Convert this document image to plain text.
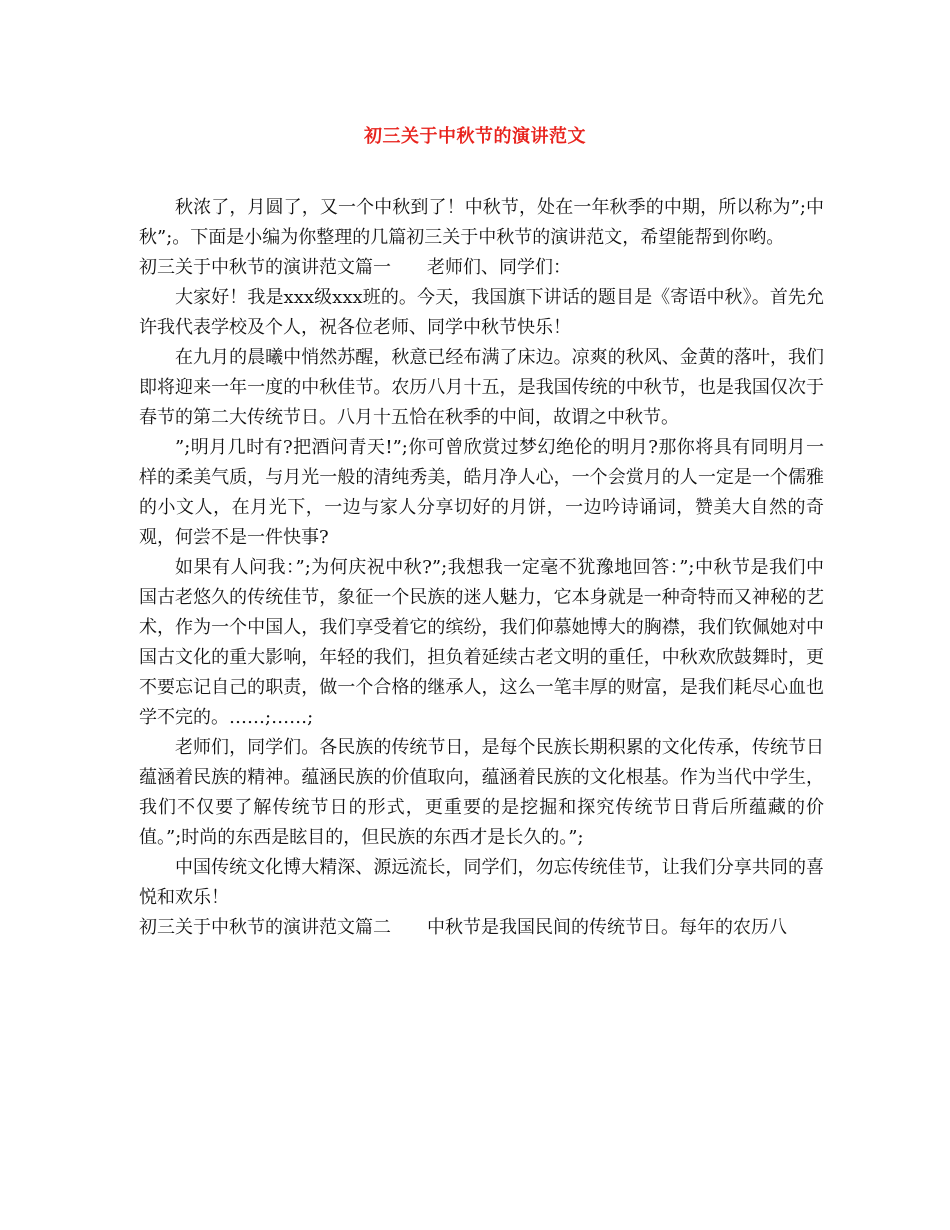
初三关于中秋节的演讲范文

秋浓了，月圆了，又一个中秋到了！中秋节，处在一年秋季的中期，所以称为”;中秋”;。下面是小编为你整理的几篇初三关于中秋节的演讲范文，希望能帮到你哟。

初三关于中秋节的演讲范文篇一 老师们、同学们：

大家好！我是xxx级xxx班的。今天，我国旗下讲话的题目是《寄语中秋》。首先允许我代表学校及个人，祝各位老师、同学中秋节快乐！

在九月的晨曦中悄然苏醒，秋意已经布满了床边。凉爽的秋风、金黄的落叶，我们即将迎来一年一度的中秋佳节。农历八月十五，是我国传统的中秋节，也是我国仅次于春节的第二大传统节日。八月十五恰在秋季的中间，故谓之中秋节。

”;明月几时有?把酒问青天!”;你可曾欣赏过梦幻绝伦的明月?那你将具有同明月一样的柔美气质，与月光一般的清纯秀美，皓月净人心，一个会赏月的人一定是一个儒雅的小文人，在月光下，一边与家人分享切好的月饼，一边吟诗诵词，赞美大自然的奇观，何尝不是一件快事?

如果有人问我：”;为何庆祝中秋?”;我想我一定毫不犹豫地回答：”;中秋节是我们中国古老悠久的传统佳节，象征一个民族的迷人魅力，它本身就是一种奇特而又神秘的艺术，作为一个中国人，我们享受着它的缤纷，我们仰慕她博大的胸襟，我们钦佩她对中国古文化的重大影响，年轻的我们，担负着延续古老文明的重任，中秋欢欣鼓舞时，更不要忘记自己的职责，做一个合格的继承人，这么一笔丰厚的财富，是我们耗尽心血也学不完的。……;……;

老师们，同学们。各民族的传统节日，是每个民族长期积累的文化传承，传统节日蕴涵着民族的精神。蕴涵民族的价值取向，蕴涵着民族的文化根基。作为当代中学生，我们不仅要了解传统节日的形式，更重要的是挖掘和探究传统节日背后所蕴藏的价值。”;时尚的东西是眩目的，但民族的东西才是长久的。”;

中国传统文化博大精深、源远流长，同学们，勿忘传统佳节，让我们分享共同的喜悦和欢乐！

初三关于中秋节的演讲范文篇二 中秋节是我国民间的传统节日。每年的农历八
